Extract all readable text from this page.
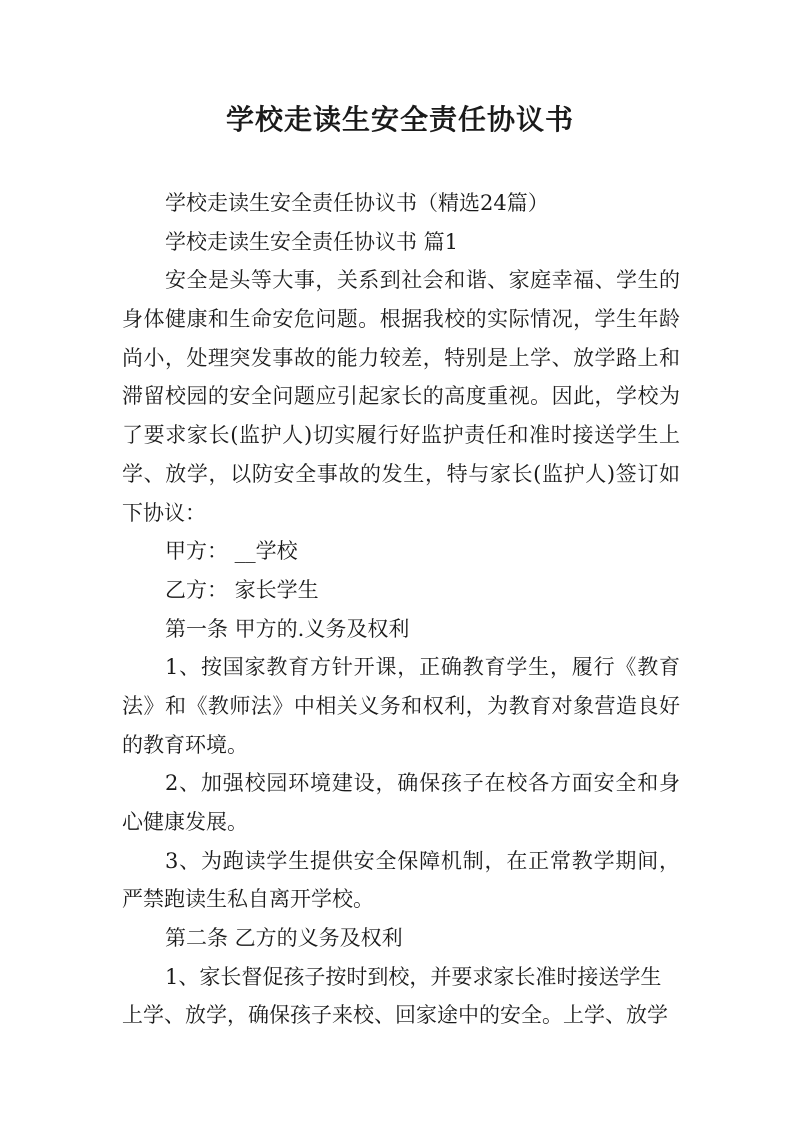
学校走读生安全责任协议书
学校走读生安全责任协议书（精选24篇）
学校走读生安全责任协议书 篇1
安全是头等大事，关系到社会和谐、家庭幸福、学生的
身体健康和生命安危问题。根据我校的实际情况，学生年龄
尚小，处理突发事故的能力较差，特别是上学、放学路上和
滞留校园的安全问题应引起家长的高度重视。因此，学校为
了要求家长(监护人)切实履行好监护责任和准时接送学生上
学、放学，以防安全事故的发生，特与家长(监护人)签订如
下协议：
甲方： __学校
乙方： 家长学生
第一条 甲方的.义务及权利
1、按国家教育方针开课，正确教育学生，履行《教育
法》和《教师法》中相关义务和权利，为教育对象营造良好
的教育环境。
2、加强校园环境建设，确保孩子在校各方面安全和身
心健康发展。
3、为跑读学生提供安全保障机制，在正常教学期间，
严禁跑读生私自离开学校。
第二条 乙方的义务及权利
1、家长督促孩子按时到校，并要求家长准时接送学生
上学、放学，确保孩子来校、回家途中的安全。上学、放学
